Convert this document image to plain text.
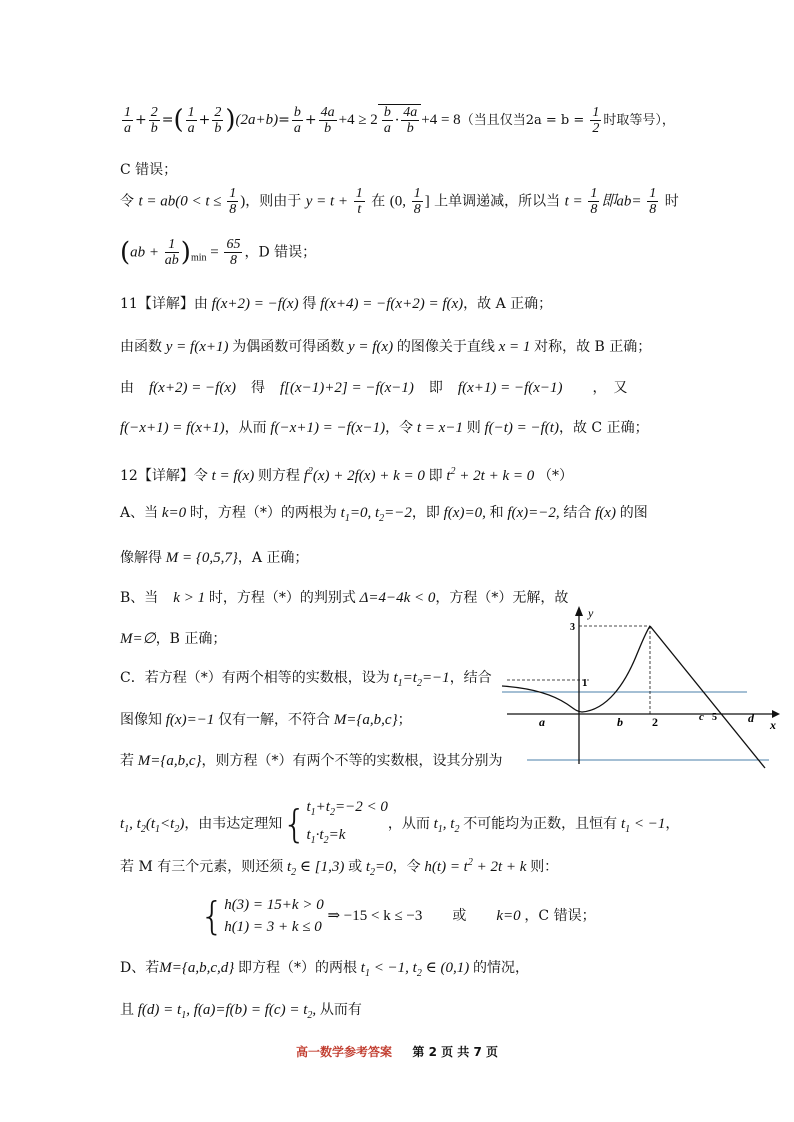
$\frac{1}{a} + \frac{2}{b}$ =( $\frac{1}{a} + \frac{2}{b} )(2a+b)= \frac{b}{a} + \frac{4a}{b} +4 \ge 2 \frac{b}{a} \cdot \frac{4a}{b} +4 = 8$（当且仅当$2a = b = \frac{1}{2}$ 时取等号），
C 错误；
令 $t = ab(0 < t \le \frac{1}{8}$ )，则由于 $y = t + \frac{1}{t}$ 在 (0, $\frac{1}{8}$ ] 上单调递减，所以当 $t = \frac{1}{8}$ 即$ab= \frac{1}{8}$ 时
$(ab + \frac{1}{ab} )_{min} = \frac{65}{8}$ ，D 错误；
11【详解】由 f(x+2) = −f(x) 得 f(x+4) = −f(x+2) = f(x)，故 A 正确；
由函数 y = f(x+1) 为偶函数可得函数 y = f(x) 的图像关于直线 x = 1 对称，故 B 正确；
由　f(x+2) = −f(x)　得　f[(x−1)+2] = −f(x−1)　即　f(x+1) = −f(x−1)　　，　又
f(−x+1) = f(x+1)，从而 f(−x+1) = −f(x−1)，令 t = x−1 则 f(−t) = −f(t)，故 C 正确；
12【详解】令 t = f(x) 则方程 $f^2(x) + 2f(x) + k = 0$ 即 $t^2 + 2t + k = 0$ （*）
A、当 k=0 时，方程（*）的两根为 $t_1=0$, $t_2=-2$，即 f(x)=0, 和 f(x)=−2, 结合 f(x) 的图
像解得 M = {0,5,7}，A 正确；
B、当　k > 1 时，方程（*）的判别式 Δ=4−4k < 0，方程（*）无解，故
M=∅，B 正确；
C．若方程（*）有两个相等的实数根，设为 $t_1=t_2=-1$，结合
图像知 f(x)=−1 仅有一解，不符合 M={a,b,c}；
若 M={a,b,c}，则方程（*）有两个不等的实数根，设其分别为
$t_1$, $t_2(t_1<t_2)$，由韦达定理知{ $t_1+t_2=-2 < 0$
$t_1\cdot t_2=k$
，从而 $t_1$, $t_2$ 不可能均为正数，且恒有 $t_1 < -1$，
若 M 有三个元素，则还须 $t_2$ ∈ [1,3) 或 $t_2=0$，令 $h(t) = t^2 + 2t + k$ 则：
{ h(3) = 15+k > 0
h(1) = 3 + k ≤ 0
⇒ −15 < k ≤ −3　　或　　k=0 ，C 错误；
D、若M={a,b,c,d} 即方程（*）的两根 $t_1 < -1$, $t_2$ ∈ (0,1) 的情况，
且 $f(d) = t_1$, $f(a)=f(b) = f(c) = t_2$, 从而有
y
x
3
1
a	b 2	c 5	d
高一数学参考答案 　 第 2 页 共 7 页
